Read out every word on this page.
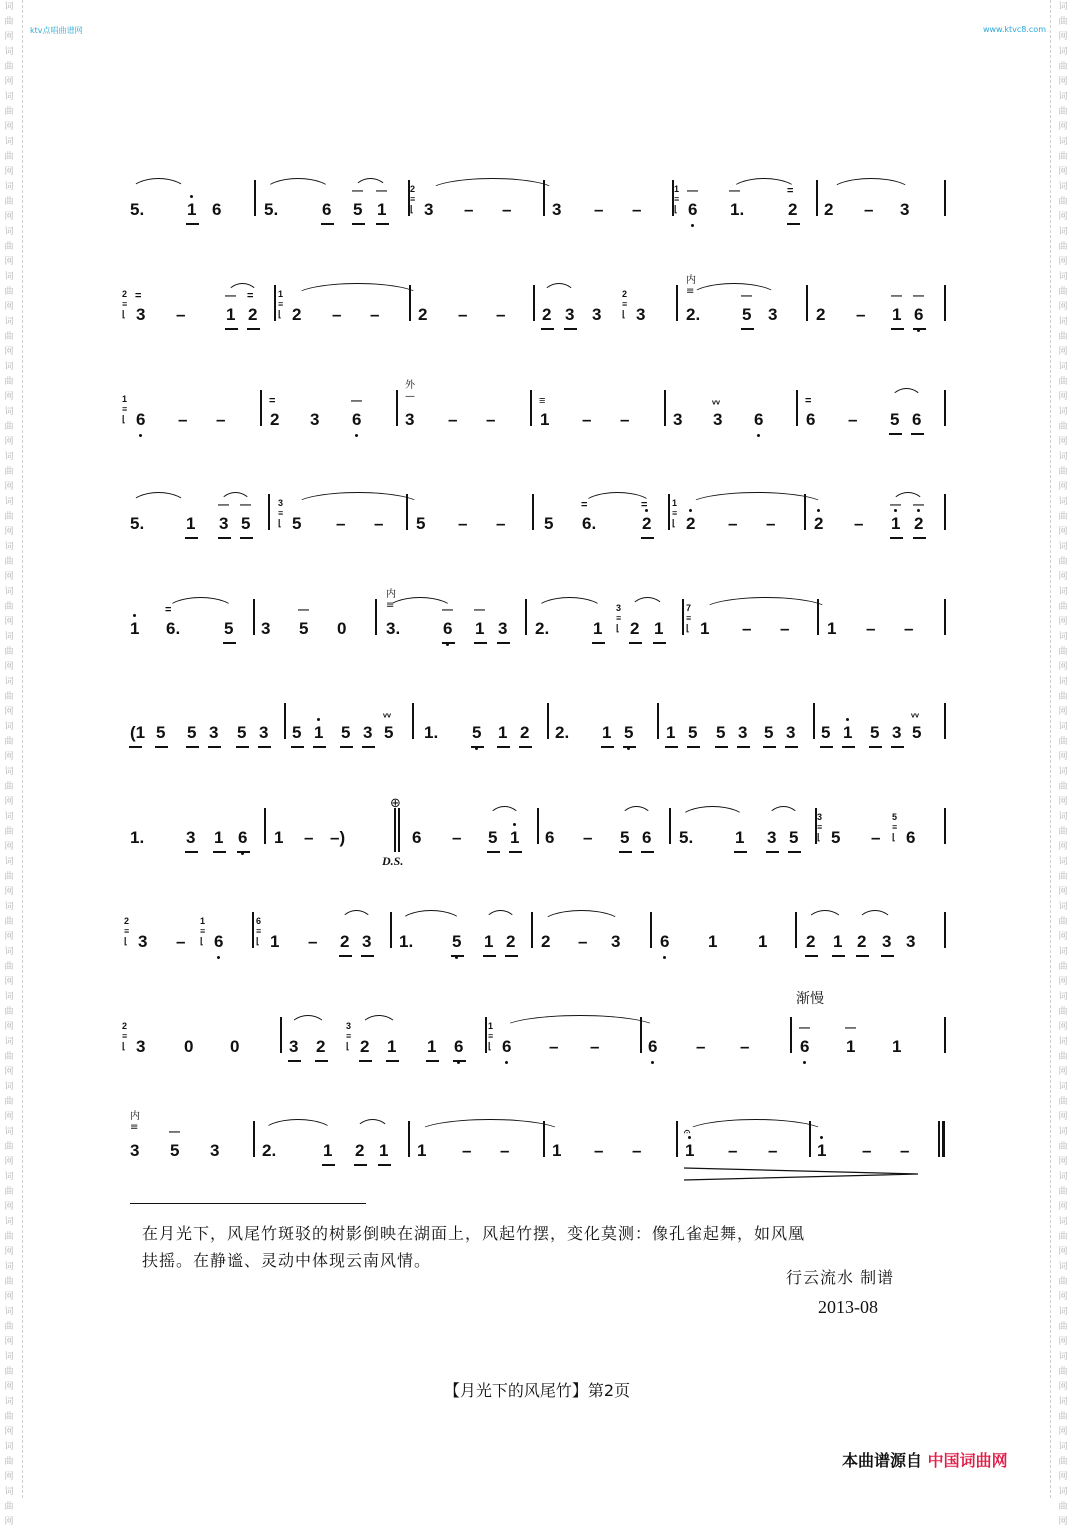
词
曲
网
词
曲
网
词
曲
网
词
曲
网
词
曲
网
词
曲
网
词
曲
网
词
曲
网
词
曲
网
词
曲
网
词
曲
网
词
曲
网
词
曲
网
词
曲
网
词
曲
网
词
曲
网
词
曲
网
词
曲
网
词
曲
网
词
曲
网
词
曲
网
词
曲
网
词
曲
网
词
曲
网
词
曲
网
词
曲
网
词
曲
网
词
曲
网
词
曲
网
词
曲
网
词
曲
网
词
曲
网
词
曲
网
词
曲
网
词
曲
网
词
曲
网
词
曲
网
词
曲
网
词
曲
网
词
曲
网
词
曲
网
词
曲
网
词
曲
网
词
曲
网
词
曲
网
词
曲
网
词
曲
网
词
曲
网
词
曲
网
词
曲
网
词
曲
网
词
曲
网
词
曲
网
词
曲
网
词
曲
网
词
曲
网
词
曲
网
词
曲
网
词
曲
网
词
曲
网
词
曲
网
词
曲
网
词
曲
网
词
曲
网
词
曲
网
词
曲
网
词
曲
网
词
曲
网
ktv点唱曲谱网	www.ktvc8.com
5.	1 6	5.	6 5
—
1
—
3
2
≡
⌊	– – 3 – –	6
—
1
≡
⌊	1.
—
2
=
2 – 3
3
=
2
≡
⌊	– 1
—
2
=
2
1
≡
⌊	– – 2 – – 2 3 3 3
2
≡
⌊	2.
内
≡
5
—
3 2 – 1
—
6
—
6
1
≡
⌊	– –	2
=
3 6
—
3
外
—
– –	1
≡
– –	3 3
ᵥᵥ
6	6
=
– 5 6
5. 1 3
—
5
—
5
3
≡
⌊	– – 5 – – 5 6.
=
2
=
2
1
≡
⌊	– – 2 – 1
—
2
—
1 6.
=
5 3 5
—
0 3.
内
≡
6
—
1
—
3 2.	1 2
3
≡
⌊ 1 1
7
≡
⌊	– – 1 – –
(1 5 5 3 5 3 5 1 5 3 5
ᵥᵥ
1. 5 1 2 2. 1 5 1 5 5 3 5 3 5 1 5 3 5
ᵥᵥ
1. 3 1 6 1 – –)
⊕
D.S.
6 – 5 1 6 – 5 6 5. 1 3 5 5
3
≡
⌊	– 6
5
≡
⌊
3
2
≡
⌊	– 6
1
≡
⌊	1
6
≡
⌊	– 2 3 1. 5 1 2 2 – 3 6 1 1 2 1 2 3 3
3
2
≡
⌊	0 0	3 2 2
3
≡
⌊ 1 1 6 6
1
≡
⌊	– –	6 – –	6
—
1
—
1
3
内
≡
5
—
3	2.	1 2 1 1 – –	1 – –	1
𝄐
– – 1 – –
渐慢
在月光下，风尾竹斑驳的树影倒映在湖面上，风起竹摆，变化莫测：像孔雀起舞，如风凰
扶摇。在静谧、灵动中体现云南风情。
行云流水 制谱
2013-08
【月光下的风尾竹】第2页
本曲谱源自 中国词曲网
